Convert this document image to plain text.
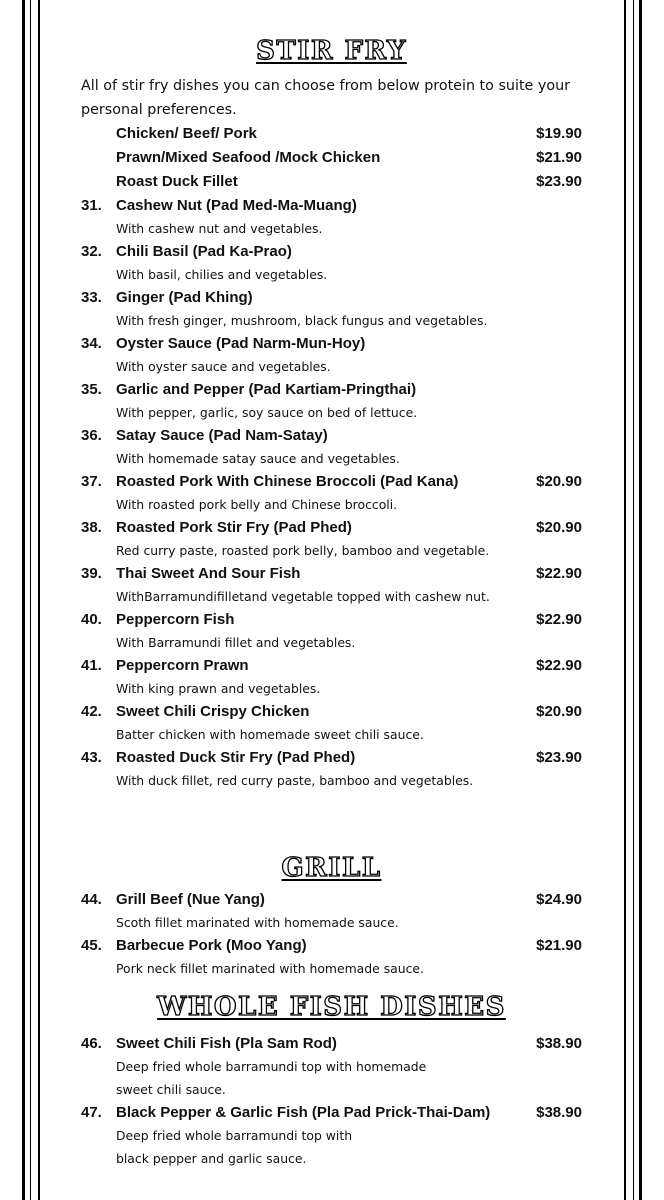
STIR FRY

All of stir fry dishes you can choose from below protein to suite your personal preferences.

Chicken/ Beef/ Pork	$19.90
Prawn/Mixed Seafood /Mock Chicken	$21.90
Roast Duck Fillet	$23.90
31. Cashew Nut (Pad Med-Ma-Muang)
With cashew nut and vegetables.
32. Chili Basil (Pad Ka-Prao)
With basil, chilies and vegetables.
33. Ginger (Pad Khing)
With fresh ginger, mushroom, black fungus and vegetables.
34. Oyster Sauce (Pad Narm-Mun-Hoy)
With oyster sauce and vegetables.
35. Garlic and Pepper (Pad Kartiam-Pringthai)
With pepper, garlic, soy sauce on bed of lettuce.
36. Satay Sauce (Pad Nam-Satay)
With homemade satay sauce and vegetables.
37. Roasted Pork With Chinese Broccoli (Pad Kana)	$20.90
With roasted pork belly and Chinese broccoli.
38. Roasted Pork Stir Fry (Pad Phed)	$20.90
Red curry paste, roasted pork belly, bamboo and vegetable.
39. Thai Sweet And Sour Fish	$22.90
WithBarramundifilletand vegetable topped with cashew nut.
40. Peppercorn Fish	$22.90
With Barramundi fillet and vegetables.
41. Peppercorn Prawn	$22.90
With king prawn and vegetables.
42. Sweet Chili Crispy Chicken	$20.90
Batter chicken with homemade sweet chili sauce.
43. Roasted Duck Stir Fry (Pad Phed)	$23.90
With duck fillet, red curry paste, bamboo and vegetables.
GRILL
44. Grill Beef (Nue Yang)	$24.90
Scoth fillet marinated with homemade sauce.
45. Barbecue Pork (Moo Yang)	$21.90
Pork neck fillet marinated with homemade sauce.
WHOLE FISH DISHES
46. Sweet Chili Fish (Pla Sam Rod)	$38.90
Deep fried whole barramundi top with homemade
sweet chili sauce.
47. Black Pepper & Garlic Fish (Pla Pad Prick-Thai-Dam)	$38.90
Deep fried whole barramundi top with
black pepper and garlic sauce.
